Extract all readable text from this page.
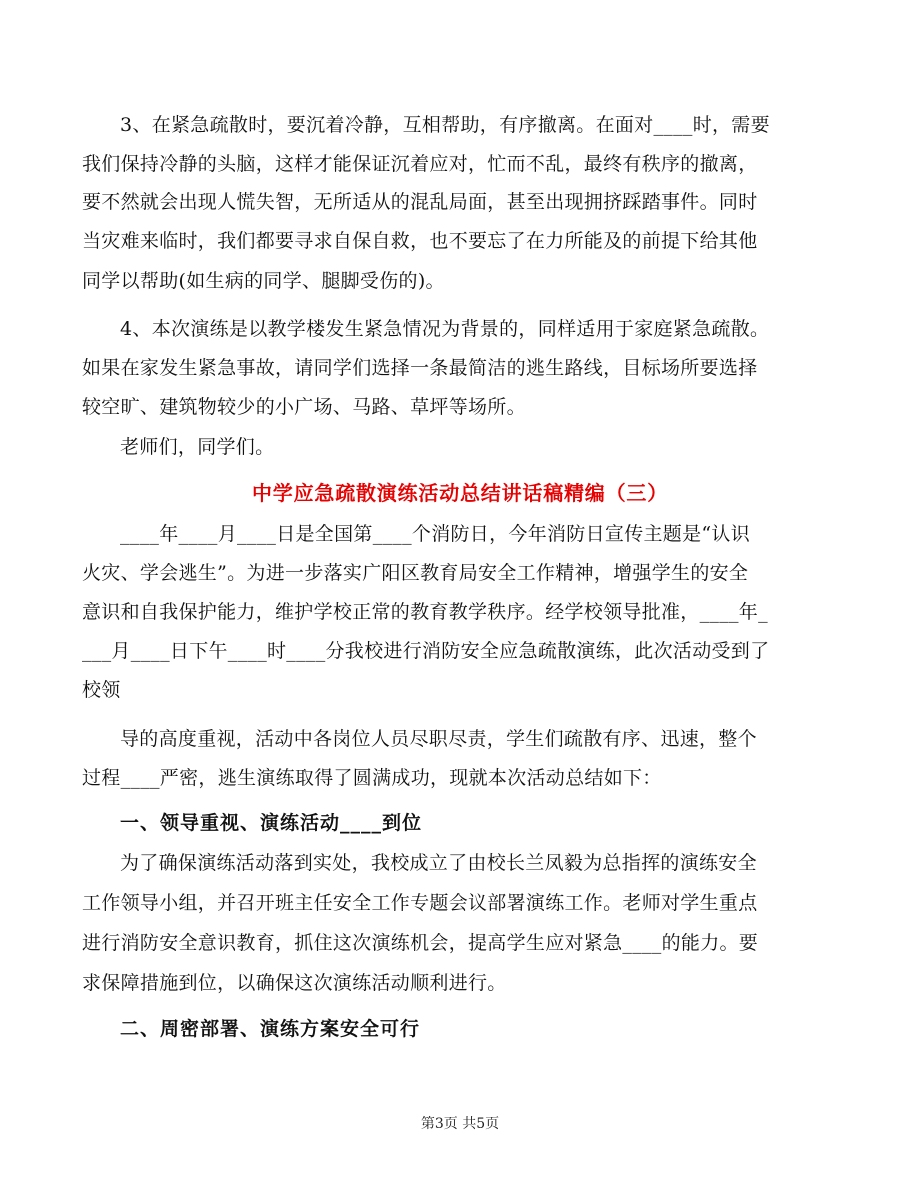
3、在紧急疏散时，要沉着冷静，互相帮助，有序撤离。在面对____时，需要
我们保持冷静的头脑，这样才能保证沉着应对，忙而不乱，最终有秩序的撤离，
要不然就会出现人慌失智，无所适从的混乱局面，甚至出现拥挤踩踏事件。同时
当灾难来临时，我们都要寻求自保自救，也不要忘了在力所能及的前提下给其他
同学以帮助(如生病的同学、腿脚受伤的)。
4、本次演练是以教学楼发生紧急情况为背景的，同样适用于家庭紧急疏散。
如果在家发生紧急事故，请同学们选择一条最简洁的逃生路线，目标场所要选择
较空旷、建筑物较少的小广场、马路、草坪等场所。
老师们，同学们。
中学应急疏散演练活动总结讲话稿精编（三）
____年____月____日是全国第____个消防日，今年消防日宣传主题是“认识
火灾、学会逃生”。为进一步落实广阳区教育局安全工作精神，增强学生的安全
意识和自我保护能力，维护学校正常的教育教学秩序。经学校领导批准，____年_
___月____日下午____时____分我校进行消防安全应急疏散演练，此次活动受到了
校领
导的高度重视，活动中各岗位人员尽职尽责，学生们疏散有序、迅速，整个
过程____严密，逃生演练取得了圆满成功，现就本次活动总结如下：
一、领导重视、演练活动____到位
为了确保演练活动落到实处，我校成立了由校长兰凤毅为总指挥的演练安全
工作领导小组，并召开班主任安全工作专题会议部署演练工作。老师对学生重点
进行消防安全意识教育，抓住这次演练机会，提高学生应对紧急____的能力。要
求保障措施到位，以确保这次演练活动顺利进行。
二、周密部署、演练方案安全可行
第3页 共5页
